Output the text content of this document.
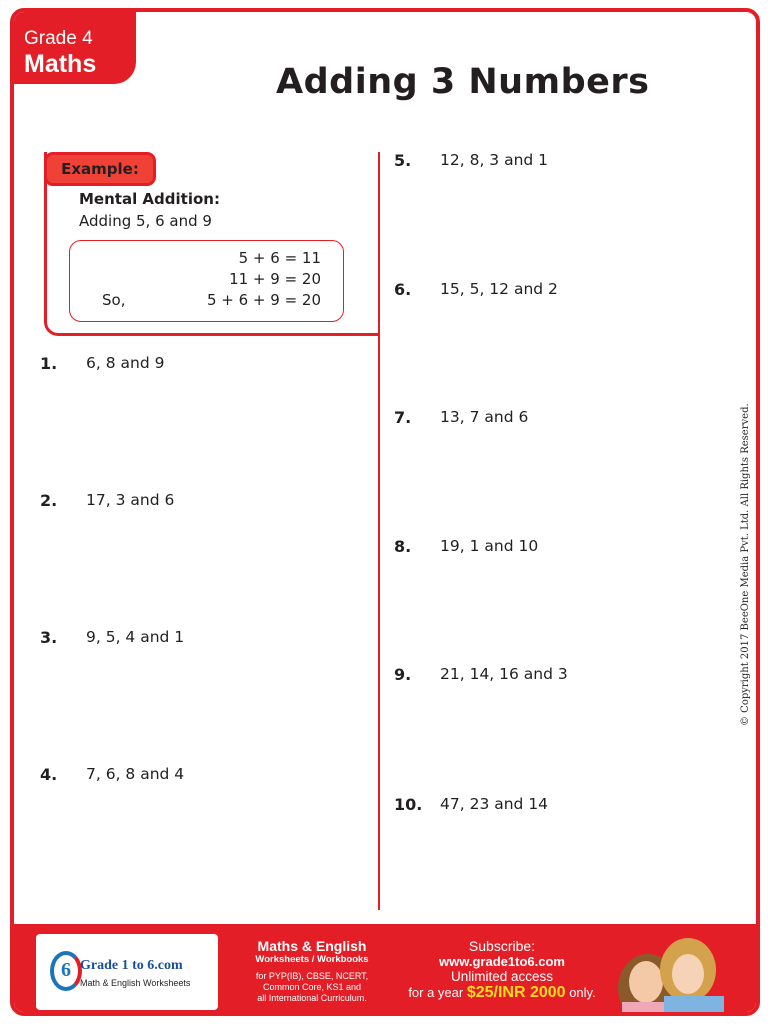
Grade 4
Maths	Adding 3 Numbers
Example:
Mental Addition:
Adding 5, 6 and 9
5 + 6 = 11
11 + 9 = 20
So,	5 + 6 + 9 = 20
1. 6, 8 and 9
2. 17, 3 and 6
3. 9, 5, 4 and 1
4. 7, 6, 8 and 4
5. 12, 8, 3 and 1
6. 15, 5, 12 and 2
7. 13, 7 and 6
8. 19, 1 and 10
9. 21, 14, 16 and 3
10. 47, 23 and 14
© Copyright 2017 BeeOne Media Pvt. Ltd. All Rights Reserved.
6 Grade 1 to 6.com
Math & English Worksheets
Maths & English
Worksheets / Workbooks
for PYP(IB), CBSE, NCERT,
Common Core, KS1 and
all International Curriculum.
Subscribe:
www.grade1to6.com
Unlimited access
for a year $25/INR 2000 only.
